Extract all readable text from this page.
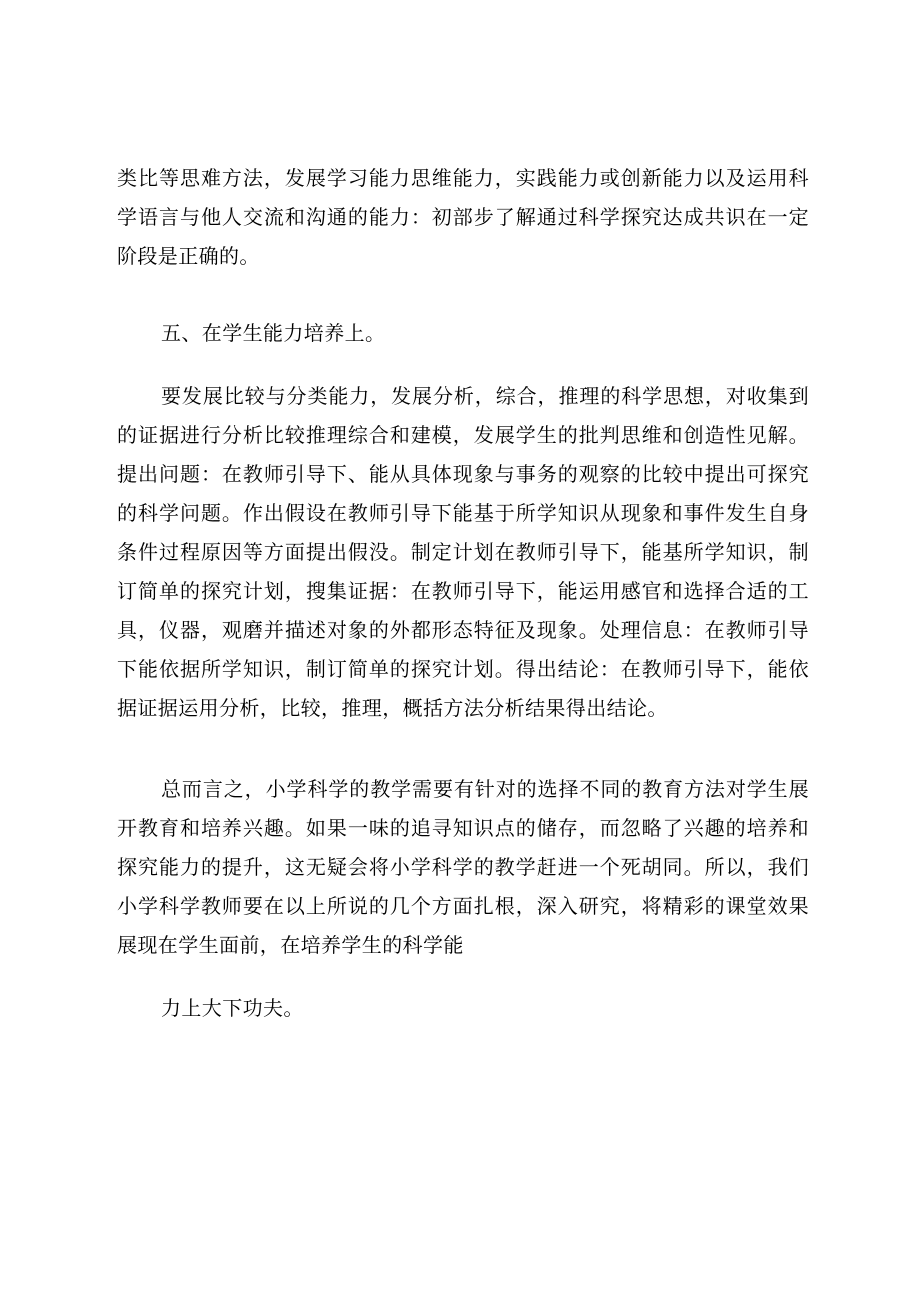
类比等思难方法，发展学习能力思维能力，实践能力或创新能力以及运用科学语言与他人交流和沟通的能力：初部步了解通过科学探究达成共识在一定阶段是正确的。

五、在学生能力培养上。

要发展比较与分类能力，发展分析，综合，推理的科学思想，对收集到的证据进行分析比较推理综合和建模，发展学生的批判思维和创造性见解。提出问题：在教师引导下、能从具体现象与事务的观察的比较中提出可探究的科学问题。作出假设在教师引导下能基于所学知识从现象和事件发生自身条件过程原因等方面提出假没。制定计划在教师引导下，能基所学知识，制订简单的探究计划，搜集证据：在教师引导下，能运用感官和选择合适的工具，仪器，观磨并描述对象的外都形态特征及现象。处理信息：在教师引导下能依据所学知识，制订简单的探究计划。得出结论：在教师引导下，能依据证据运用分析，比较，推理，概括方法分析结果得出结论。

总而言之，小学科学的教学需要有针对的选择不同的教育方法对学生展开教育和培养兴趣。如果一味的追寻知识点的储存，而忽略了兴趣的培养和探究能力的提升，这无疑会将小学科学的教学赶进一个死胡同。所以，我们小学科学教师要在以上所说的几个方面扎根，深入研究，将精彩的课堂效果展现在学生面前，在培养学生的科学能

力上大下功夫。
